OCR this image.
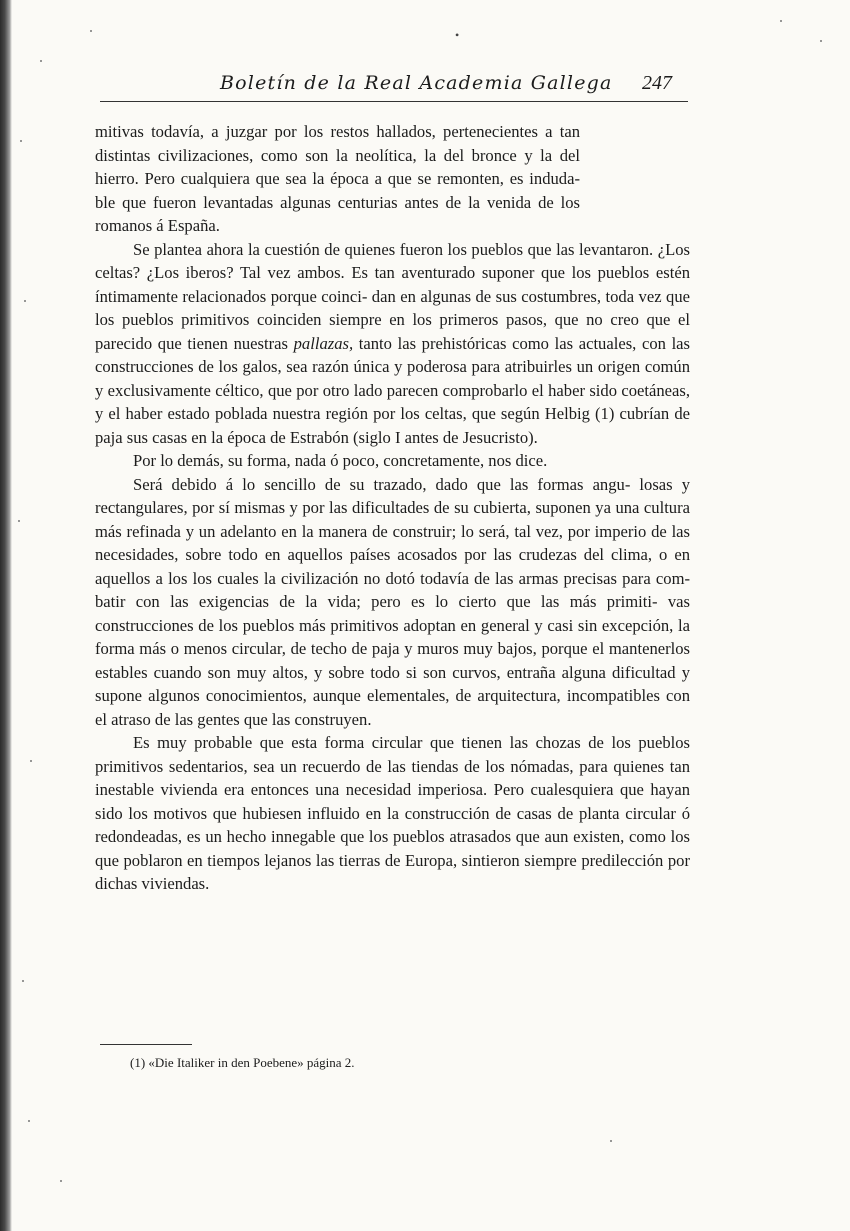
•
Boletín de la Real Academia Gallega 247

mitivas todavía, a juzgar por los restos hallados, pertenecientes a tan distintas civilizaciones, como son la neolítica, la del bronce y la del hierro. Pero cualquiera que sea la época a que se remonten, es induda- ble que fueron levantadas algunas centurias antes de la venida de los romanos á España.

Se plantea ahora la cuestión de quienes fueron los pueblos que las levantaron. ¿Los celtas? ¿Los iberos? Tal vez ambos. Es tan aventurado suponer que los pueblos estén íntimamente relacionados porque coinci- dan en algunas de sus costumbres, toda vez que los pueblos primitivos coinciden siempre en los primeros pasos, que no creo que el parecido que tienen nuestras pallazas, tanto las prehistóricas como las actuales, con las construcciones de los galos, sea razón única y poderosa para atribuirles un origen común y exclusivamente céltico, que por otro lado parecen comprobarlo el haber sido coetáneas, y el haber estado poblada nuestra región por los celtas, que según Helbig (1) cubrían de paja sus casas en la época de Estrabón (siglo I antes de Jesucristo).

Por lo demás, su forma, nada ó poco, concretamente, nos dice.

Será debido á lo sencillo de su trazado, dado que las formas angu- losas y rectangulares, por sí mismas y por las dificultades de su cubierta, suponen ya una cultura más refinada y un adelanto en la manera de construir; lo será, tal vez, por imperio de las necesidades, sobre todo en aquellos países acosados por las crudezas del clima, o en aquellos a los los cuales la civilización no dotó todavía de las armas precisas para com- batir con las exigencias de la vida; pero es lo cierto que las más primiti- vas construcciones de los pueblos más primitivos adoptan en general y casi sin excepción, la forma más o menos circular, de techo de paja y muros muy bajos, porque el mantenerlos estables cuando son muy altos, y sobre todo si son curvos, entraña alguna dificultad y supone algunos conocimientos, aunque elementales, de arquitectura, incompatibles con el atraso de las gentes que las construyen.

Es muy probable que esta forma circular que tienen las chozas de los pueblos primitivos sedentarios, sea un recuerdo de las tiendas de los nómadas, para quienes tan inestable vivienda era entonces una necesidad imperiosa. Pero cualesquiera que hayan sido los motivos que hubiesen influido en la construcción de casas de planta circular ó redondeadas, es un hecho innegable que los pueblos atrasados que aun existen, como los que poblaron en tiempos lejanos las tierras de Europa, sintieron siempre predilección por dichas viviendas.

(1) «Die Italiker in den Poebene» página 2.
